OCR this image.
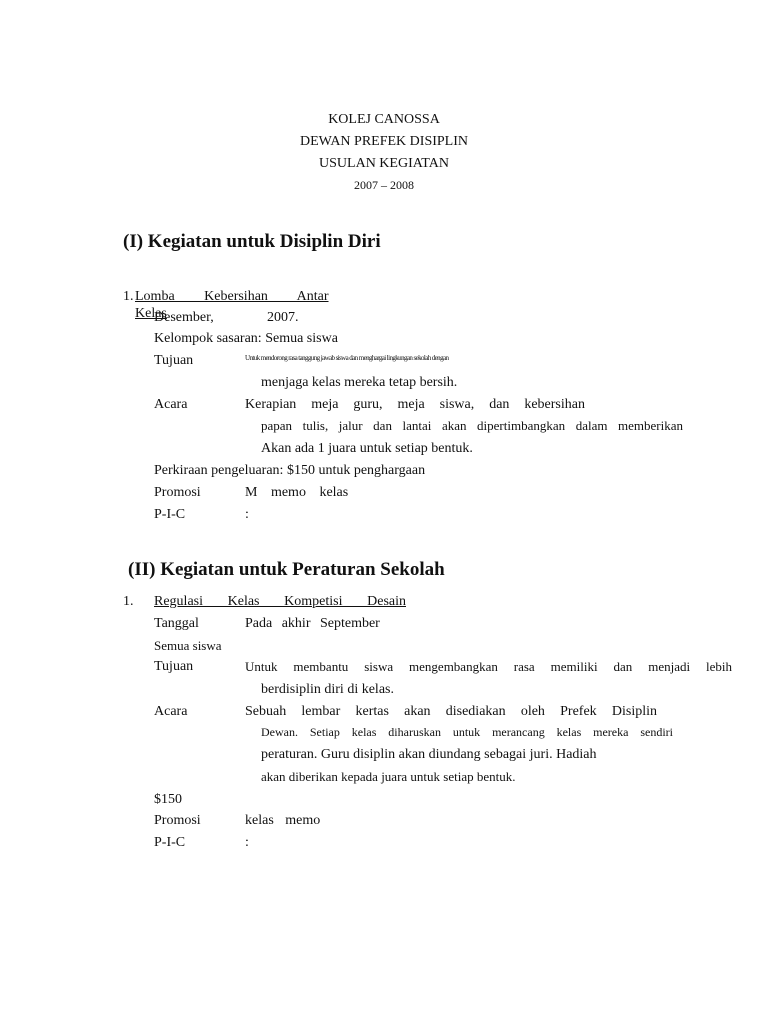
KOLEJ CANOSSA
DEWAN PREFEK DISIPLIN
USULAN KEGIATAN
2007 – 2008
(I) Kegiatan untuk Disiplin Diri
1. Lomba Kebersihan Antar Kelas
Desember,	2007.
Kelompok sasaran: Semua siswa
Tujuan	Untuk mendorong rasa tanggung jawab siswa dan menghargai lingkungan sekolah dengan
menjaga kelas mereka tetap bersih.
Acara	Kerapian meja guru, meja siswa, dan kebersihan
papan tulis, jalur dan lantai akan dipertimbangkan dalam memberikan
Akan ada 1 juara untuk setiap bentuk.
Perkiraan pengeluaran: $150 untuk penghargaan
Promosi	M memo kelas
P-I-C	:
(II) Kegiatan untuk Peraturan Sekolah
1. Regulasi Kelas Kompetisi Desain
Tanggal	Pada akhir September
Semua siswa
Tujuan	Untuk membantu siswa mengembangkan rasa memiliki dan menjadi lebih
berdisiplin diri di kelas.
Acara	Sebuah lembar kertas akan disediakan oleh Prefek Disiplin
Dewan. Setiap kelas diharuskan untuk merancang kelas mereka sendiri
peraturan. Guru disiplin akan diundang sebagai juri. Hadiah
akan diberikan kepada juara untuk setiap bentuk.
$150
Promosi	kelas memo
P-I-C	:
